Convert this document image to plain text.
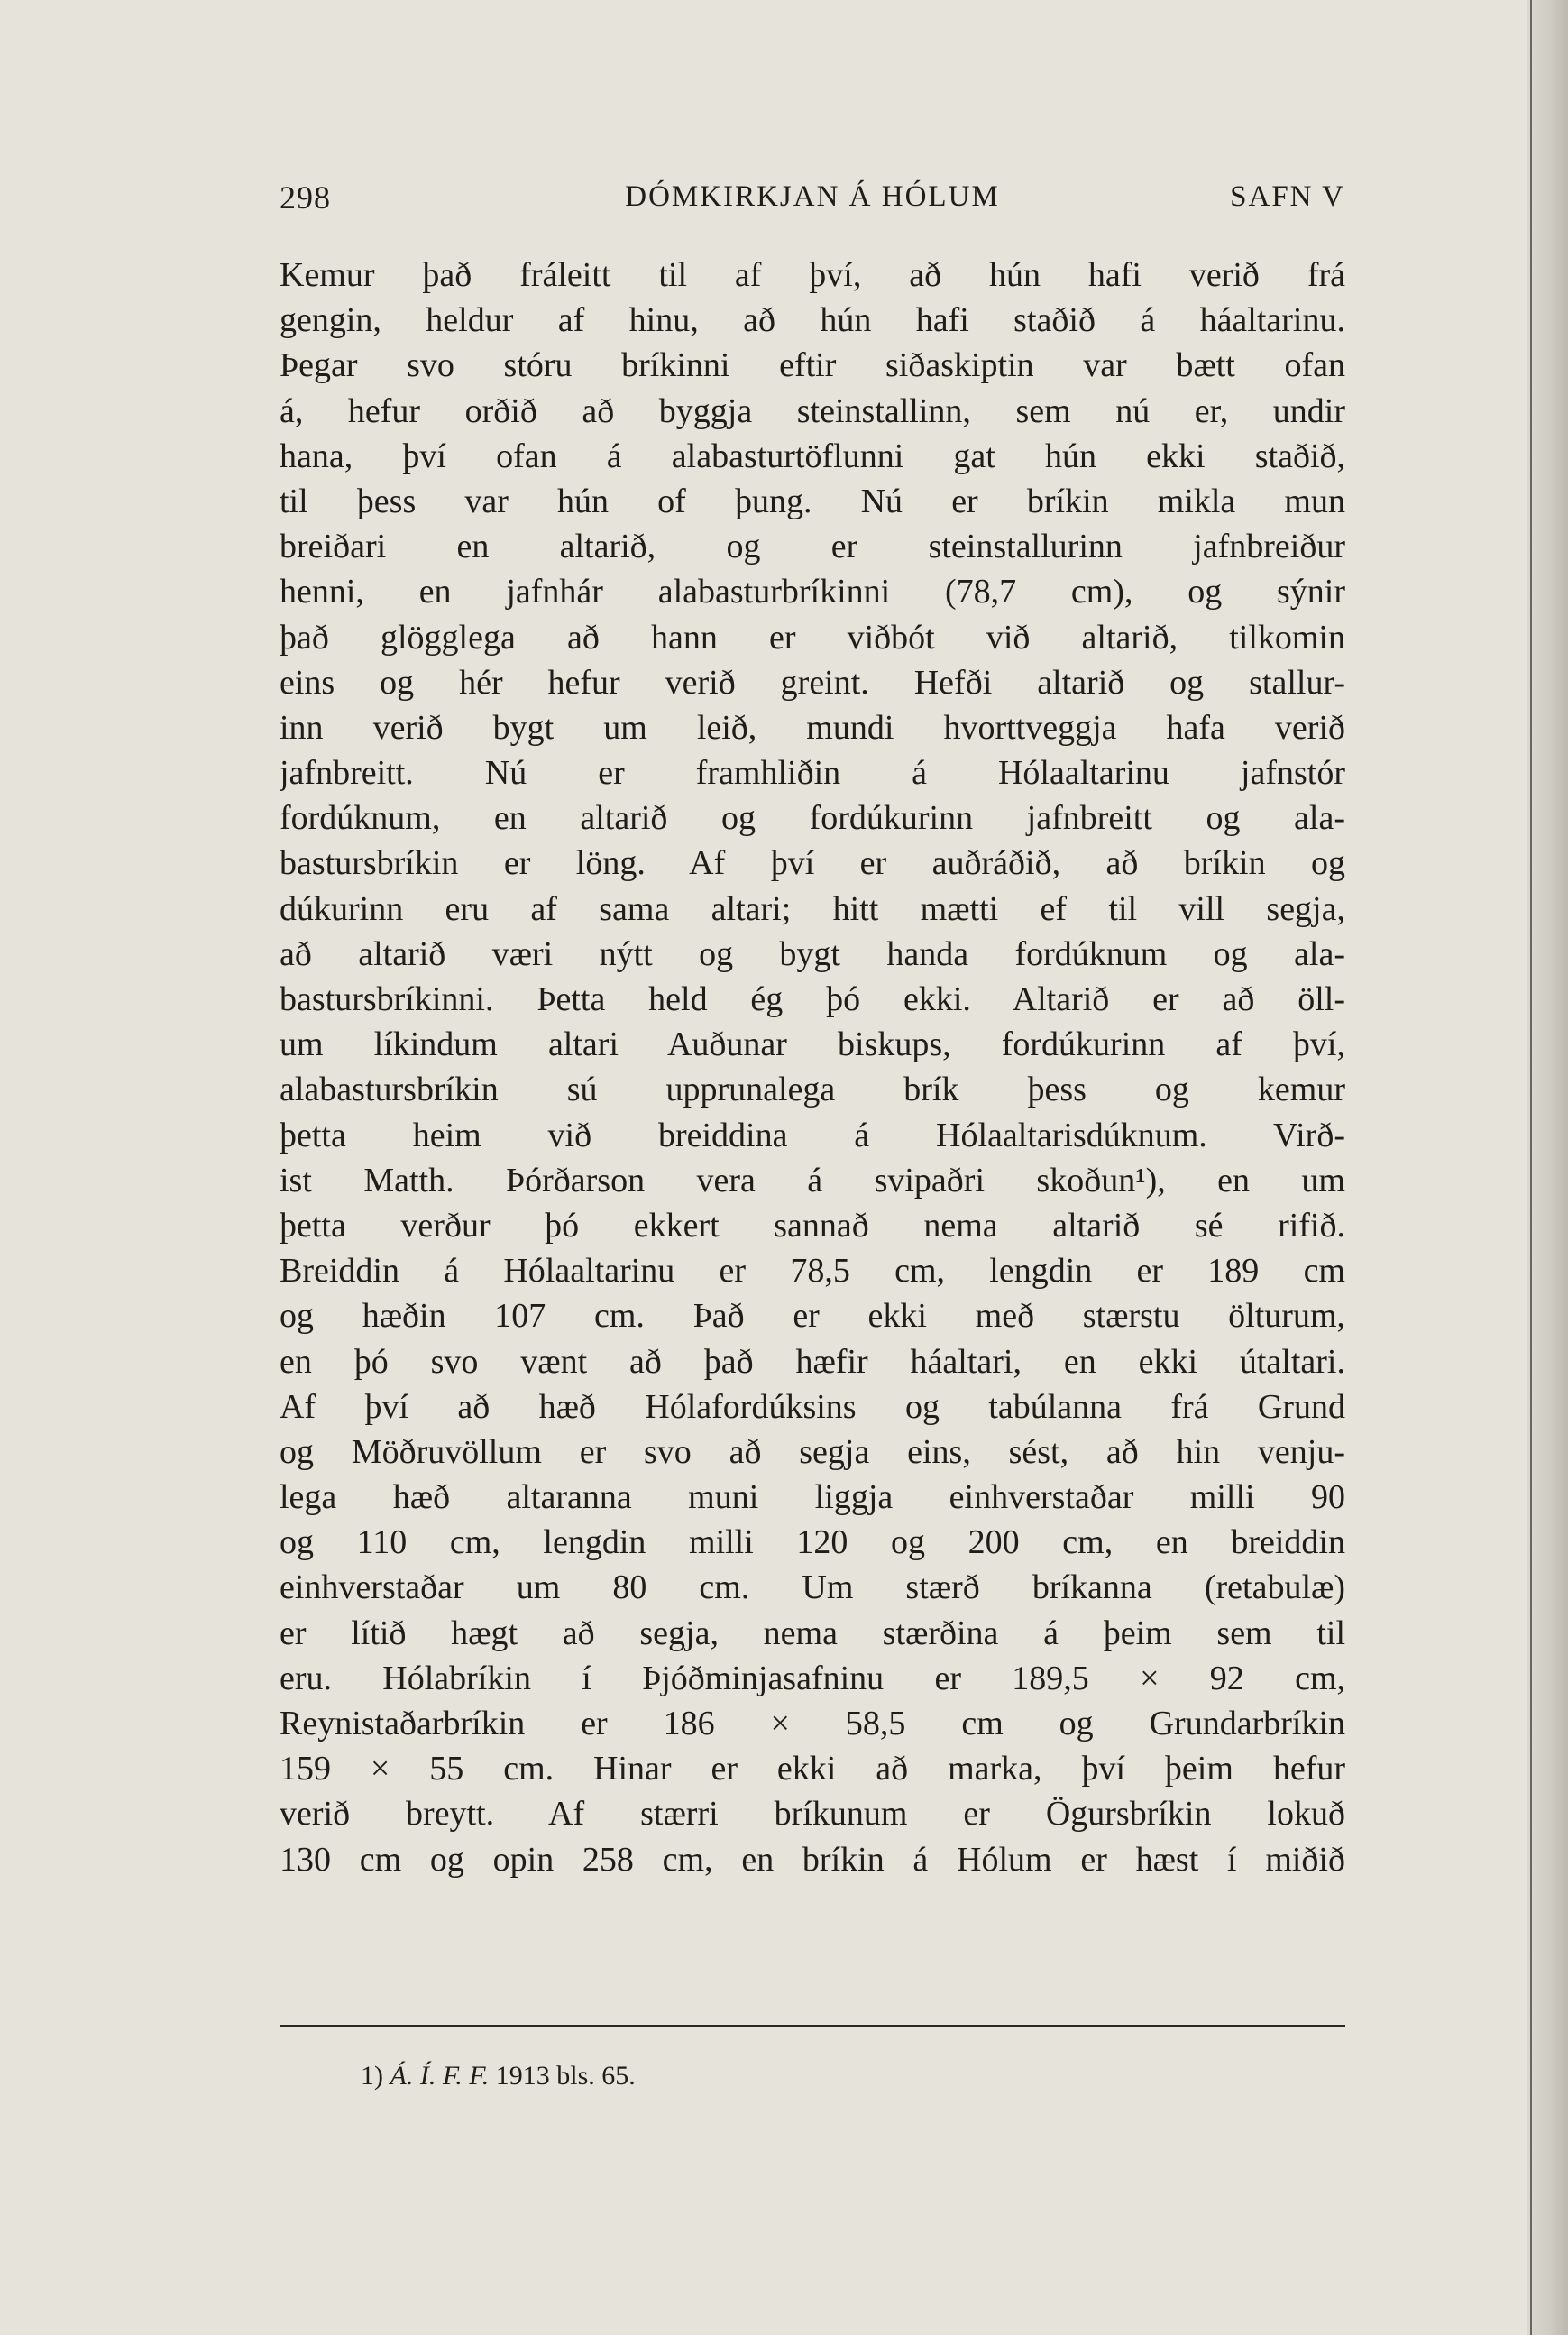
298	DÓMKIRKJAN Á HÓLUM	SAFN V
Kemur það fráleitt til af því, að hún hafi verið frá
gengin, heldur af hinu, að hún hafi staðið á háaltarinu.
Þegar svo stóru bríkinni eftir siðaskiptin var bætt ofan
á, hefur orðið að byggja steinstallinn, sem nú er, undir
hana, því ofan á alabasturtöflunni gat hún ekki staðið,
til þess var hún of þung. Nú er bríkin mikla mun
breiðari en altarið, og er steinstallurinn jafnbreiður
henni, en jafnhár alabasturbríkinni (78,7 cm), og sýnir
það glögglega að hann er viðbót við altarið, tilkomin
eins og hér hefur verið greint. Hefði altarið og stallur-
inn verið bygt um leið, mundi hvorttveggja hafa verið
jafnbreitt. Nú er framhliðin á Hólaaltarinu jafnstór
fordúknum, en altarið og fordúkurinn jafnbreitt og ala-
bastursbríkin er löng. Af því er auðráðið, að bríkin og
dúkurinn eru af sama altari; hitt mætti ef til vill segja,
að altarið væri nýtt og bygt handa fordúknum og ala-
bastursbríkinni. Þetta held ég þó ekki. Altarið er að öll-
um líkindum altari Auðunar biskups, fordúkurinn af því,
alabastursbríkin sú upprunalega brík þess og kemur
þetta heim við breiddina á Hólaaltarisdúknum. Virð-
ist Matth. Þórðarson vera á svipaðri skoðun¹), en um
þetta verður þó ekkert sannað nema altarið sé rifið.
Breiddin á Hólaaltarinu er 78,5 cm, lengdin er 189 cm
og hæðin 107 cm. Það er ekki með stærstu ölturum,
en þó svo vænt að það hæfir háaltari, en ekki útaltari.
Af því að hæð Hólafordúksins og tabúlanna frá Grund
og Möðruvöllum er svo að segja eins, sést, að hin venju-
lega hæð altaranna muni liggja einhverstaðar milli 90
og 110 cm, lengdin milli 120 og 200 cm, en breiddin
einhverstaðar um 80 cm. Um stærð bríkanna (retabulæ)
er lítið hægt að segja, nema stærðina á þeim sem til
eru. Hólabríkin í Þjóðminjasafninu er 189,5 × 92 cm,
Reynistaðarbríkin er 186 × 58,5 cm og Grundarbríkin
159 × 55 cm. Hinar er ekki að marka, því þeim hefur
verið breytt. Af stærri bríkunum er Ögursbríkin lokuð
130 cm og opin 258 cm, en bríkin á Hólum er hæst í miðið
1) Á. Í. F. F. 1913 bls. 65.
